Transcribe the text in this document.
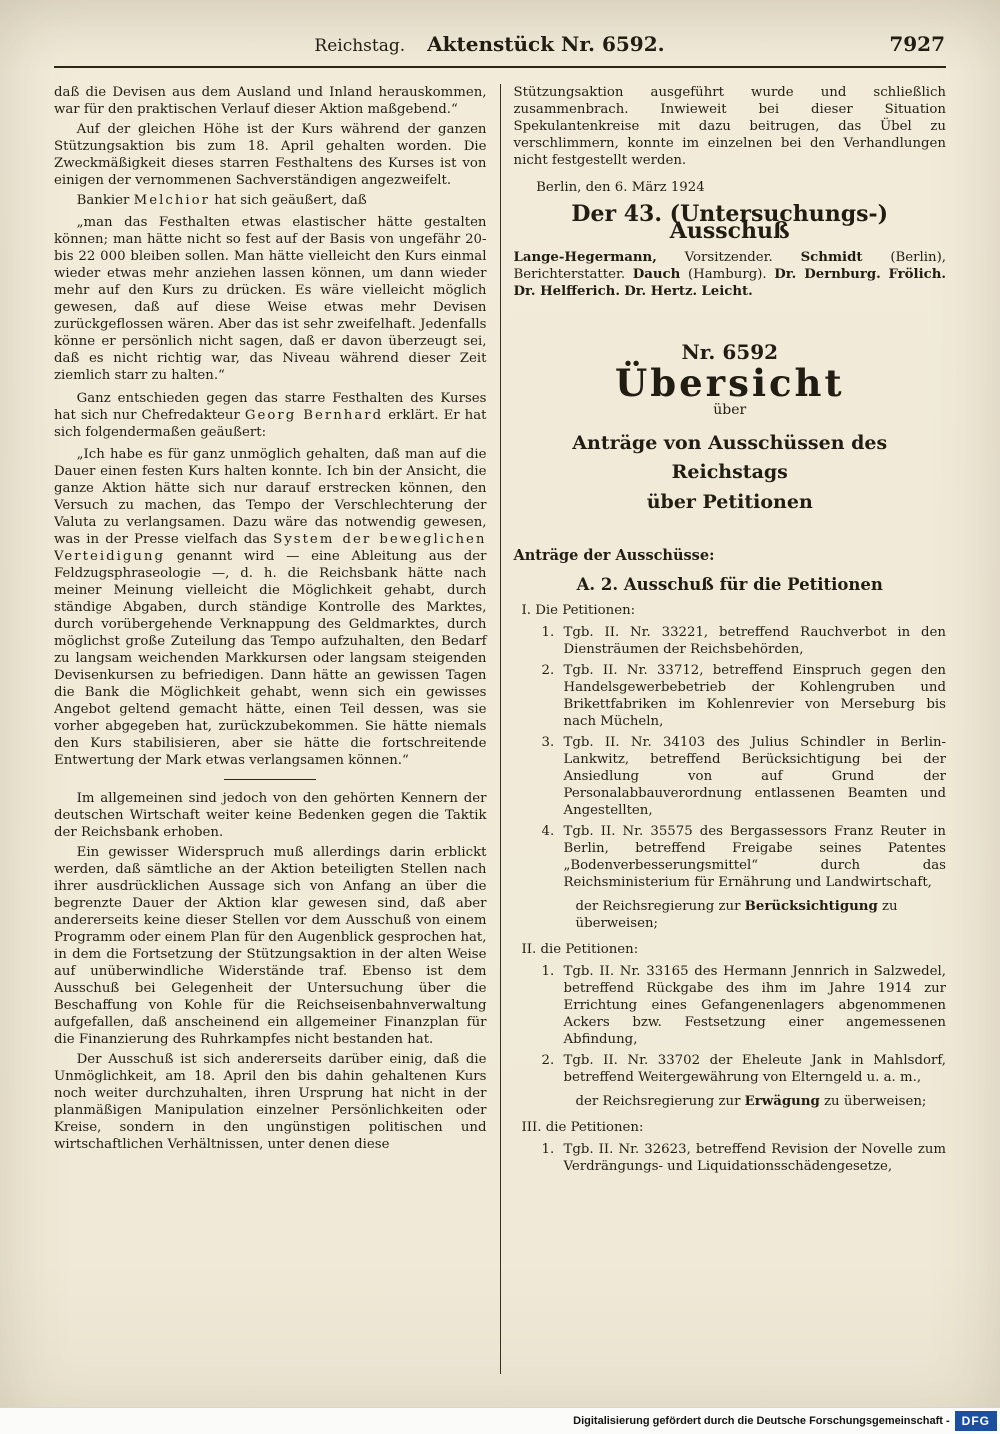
Reichstag. Aktenstück Nr. 6592.	7927

daß die Devisen aus dem Ausland und Inland herauskommen, war für den praktischen Verlauf dieser Aktion maßgebend.“

Auf der gleichen Höhe ist der Kurs während der ganzen Stützungsaktion bis zum 18. April gehalten worden. Die Zweckmäßigkeit dieses starren Festhaltens des Kurses ist von einigen der vernommenen Sachverständigen angezweifelt.

Bankier Melchior hat sich geäußert, daß

„man das Festhalten etwas elastischer hätte gestalten können; man hätte nicht so fest auf der Basis von ungefähr 20- bis 22 000 bleiben sollen. Man hätte vielleicht den Kurs einmal wieder etwas mehr anziehen lassen können, um dann wieder mehr auf den Kurs zu drücken. Es wäre vielleicht möglich gewesen, daß auf diese Weise etwas mehr Devisen zurückgeflossen wären. Aber das ist sehr zweifelhaft. Jedenfalls könne er persönlich nicht sagen, daß er davon überzeugt sei, daß es nicht richtig war, das Niveau während dieser Zeit ziemlich starr zu halten.“

Ganz entschieden gegen das starre Festhalten des Kurses hat sich nur Chefredakteur Georg Bernhard erklärt. Er hat sich folgendermaßen geäußert:

„Ich habe es für ganz unmöglich gehalten, daß man auf die Dauer einen festen Kurs halten konnte. Ich bin der Ansicht, die ganze Aktion hätte sich nur darauf erstrecken können, den Versuch zu machen, das Tempo der Verschlechterung der Valuta zu verlangsamen. Dazu wäre das notwendig gewesen, was in der Presse vielfach das System der beweglichen Verteidigung genannt wird — eine Ableitung aus der Feldzugsphraseologie —, d. h. die Reichsbank hätte nach meiner Meinung vielleicht die Möglichkeit gehabt, durch ständige Abgaben, durch ständige Kontrolle des Marktes, durch vorübergehende Verknappung des Geldmarktes, durch möglichst große Zuteilung das Tempo aufzuhalten, den Bedarf zu langsam weichenden Markkursen oder langsam steigenden Devisenkursen zu befriedigen. Dann hätte an gewissen Tagen die Bank die Möglichkeit gehabt, wenn sich ein gewisses Angebot geltend gemacht hätte, einen Teil dessen, was sie vorher abgegeben hat, zurückzubekommen. Sie hätte niemals den Kurs stabilisieren, aber sie hätte die fortschreitende Entwertung der Mark etwas verlangsamen können.“

Im allgemeinen sind jedoch von den gehörten Kennern der deutschen Wirtschaft weiter keine Bedenken gegen die Taktik der Reichsbank erhoben.

Ein gewisser Widerspruch muß allerdings darin erblickt werden, daß sämtliche an der Aktion beteiligten Stellen nach ihrer ausdrücklichen Aussage sich von Anfang an über die begrenzte Dauer der Aktion klar gewesen sind, daß aber andererseits keine dieser Stellen vor dem Ausschuß von einem Programm oder einem Plan für den Augenblick gesprochen hat, in dem die Fortsetzung der Stützungsaktion in der alten Weise auf unüberwindliche Widerstände traf. Ebenso ist dem Ausschuß bei Gelegenheit der Untersuchung über die Beschaffung von Kohle für die Reichseisenbahnverwaltung aufgefallen, daß anscheinend ein allgemeiner Finanzplan für die Finanzierung des Ruhrkampfes nicht bestanden hat.

Der Ausschuß ist sich andererseits darüber einig, daß die Unmöglichkeit, am 18. April den bis dahin gehaltenen Kurs noch weiter durchzuhalten, ihren Ursprung hat nicht in der planmäßigen Manipulation einzelner Persönlichkeiten oder Kreise, sondern in den ungünstigen politischen und wirtschaftlichen Verhältnissen, unter denen diese

Stützungsaktion ausgeführt wurde und schließlich zusammenbrach. Inwieweit bei dieser Situation Spekulantenkreise mit dazu beitrugen, das Übel zu verschlimmern, konnte im einzelnen bei den Verhandlungen nicht festgestellt werden.

Berlin, den 6. März 1924

Der 43. (Untersuchungs-) Ausschuß

Lange-Hegermann, Vorsitzender. Schmidt (Berlin), Berichterstatter. Dauch (Hamburg). Dr. Dernburg. Frölich. Dr. Helfferich. Dr. Hertz. Leicht.

Nr. 6592
Übersicht
über
Anträge von Ausschüssen des Reichstags
über Petitionen

Anträge der Ausschüsse:

A. 2. Ausschuß für die Petitionen

I. Die Petitionen:

1. Tgb. II. Nr. 33221, betreffend Rauchverbot in den Diensträumen der Reichsbehörden,
2. Tgb. II. Nr. 33712, betreffend Einspruch gegen den Handelsgewerbebetrieb der Kohlengruben und Brikettfabriken im Kohlenrevier von Merseburg bis nach Mücheln,
3. Tgb. II. Nr. 34103 des Julius Schindler in Berlin-Lankwitz, betreffend Berücksichtigung bei der Ansiedlung von auf Grund der Personalabbauverordnung entlassenen Beamten und Angestellten,
4. Tgb. II. Nr. 35575 des Bergassessors Franz Reuter in Berlin, betreffend Freigabe seines Patentes „Bodenverbesserungsmittel“ durch das Reichsministerium für Ernährung und Landwirtschaft,

der Reichsregierung zur Berücksichtigung zu überweisen;

II. die Petitionen:

1. Tgb. II. Nr. 33165 des Hermann Jennrich in Salzwedel, betreffend Rückgabe des ihm im Jahre 1914 zur Errichtung eines Gefangenenlagers abgenommenen Ackers bzw. Festsetzung einer angemessenen Abfindung,
2. Tgb. II. Nr. 33702 der Eheleute Jank in Mahlsdorf, betreffend Weitergewährung von Elterngeld u. a. m.,

der Reichsregierung zur Erwägung zu überweisen;

III. die Petitionen:

1. Tgb. II. Nr. 32623, betreffend Revision der Novelle zum Verdrängungs- und Liquidationsschädengesetze,
Digitalisierung gefördert durch die Deutsche Forschungsgemeinschaft -	DFG
